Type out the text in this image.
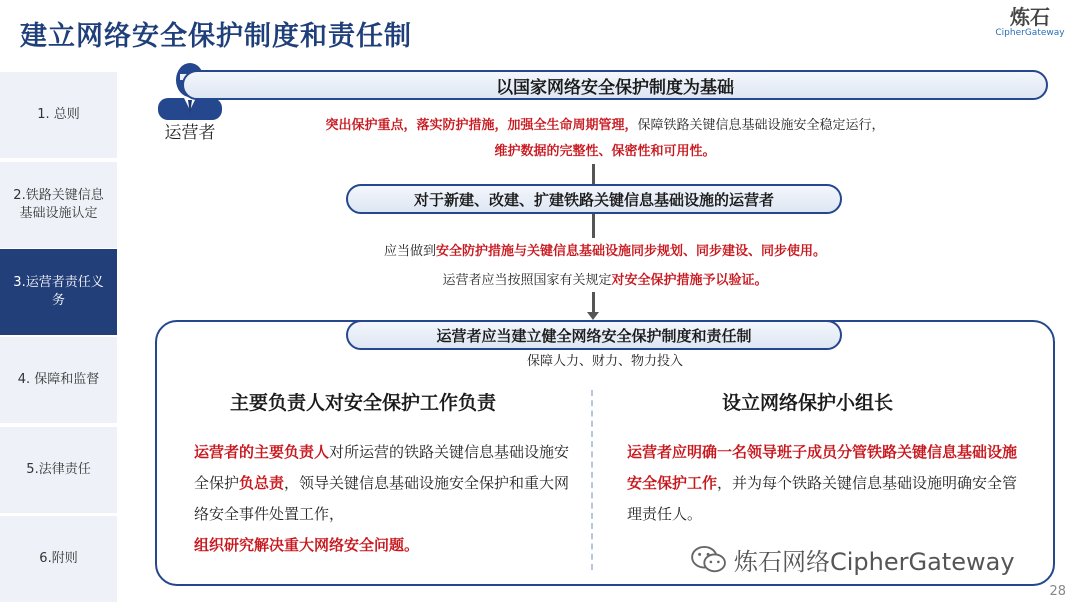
建立网络安全保护制度和责任制
炼石
CipherGateway
1. 总则
2.铁路关键信息基础设施认定
3.运营者责任义务
4. 保障和监督
5.法律责任
6.附则
运营者
以国家网络安全保护制度为基础
突出保护重点，落实防护措施，加强全生命周期管理，保障铁路关键信息基础设施安全稳定运行，
维护数据的完整性、保密性和可用性。
对于新建、改建、扩建铁路关键信息基础设施的运营者
应当做到安全防护措施与关键信息基础设施同步规划、同步建设、同步使用。
运营者应当按照国家有关规定对安全保护措施予以验证。
运营者应当建立健全网络安全保护制度和责任制
保障人力、财力、物力投入
主要负责人对安全保护工作负责
运营者的主要负责人对所运营的铁路关键信息基础设施安全保护负总责，领导关键信息基础设施安全保护和重大网络安全事件处置工作，
组织研究解决重大网络安全问题。
设立网络保护小组长
运营者应明确一名领导班子成员分管铁路关键信息基础设施安全保护工作，并为每个铁路关键信息基础设施明确安全管理责任人。
炼石网络CipherGateway
28
